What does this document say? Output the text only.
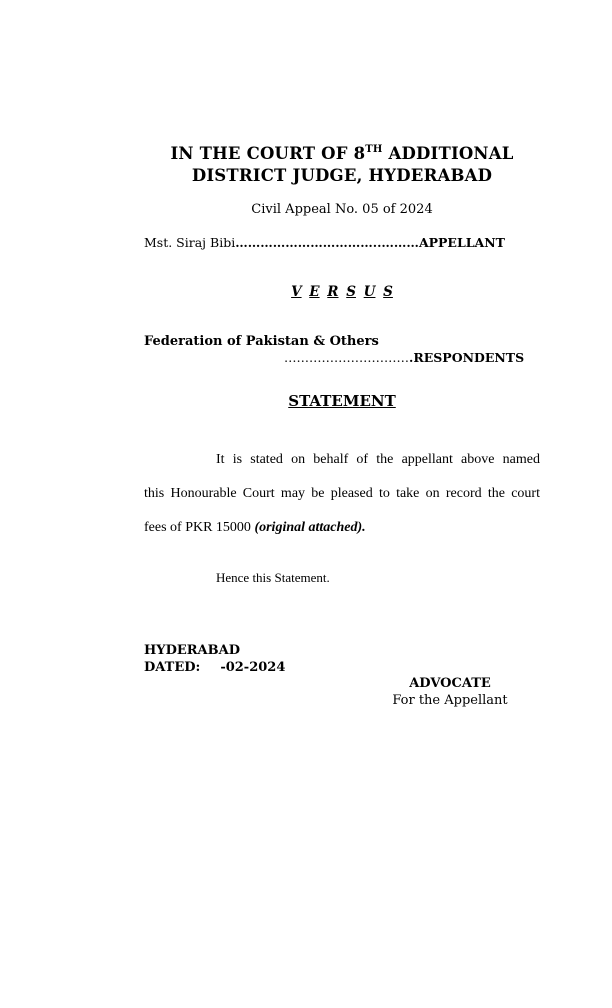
IN THE COURT OF 8TH ADDITIONAL
DISTRICT JUDGE, HYDERABAD
Civil Appeal No. 05 of 2024
Mst. Siraj Bibi……………………………..………APPELLANT
V E R S U S
Federation of Pakistan & Others
………………………….RESPONDENTS
STATEMENT
It is stated on behalf of the appellant above named
this Honourable Court may be pleased to take on record the court
fees of PKR 15000 (original attached).
Hence this Statement.
HYDERABAD
DATED: -02-2024
ADVOCATE
For the Appellant
